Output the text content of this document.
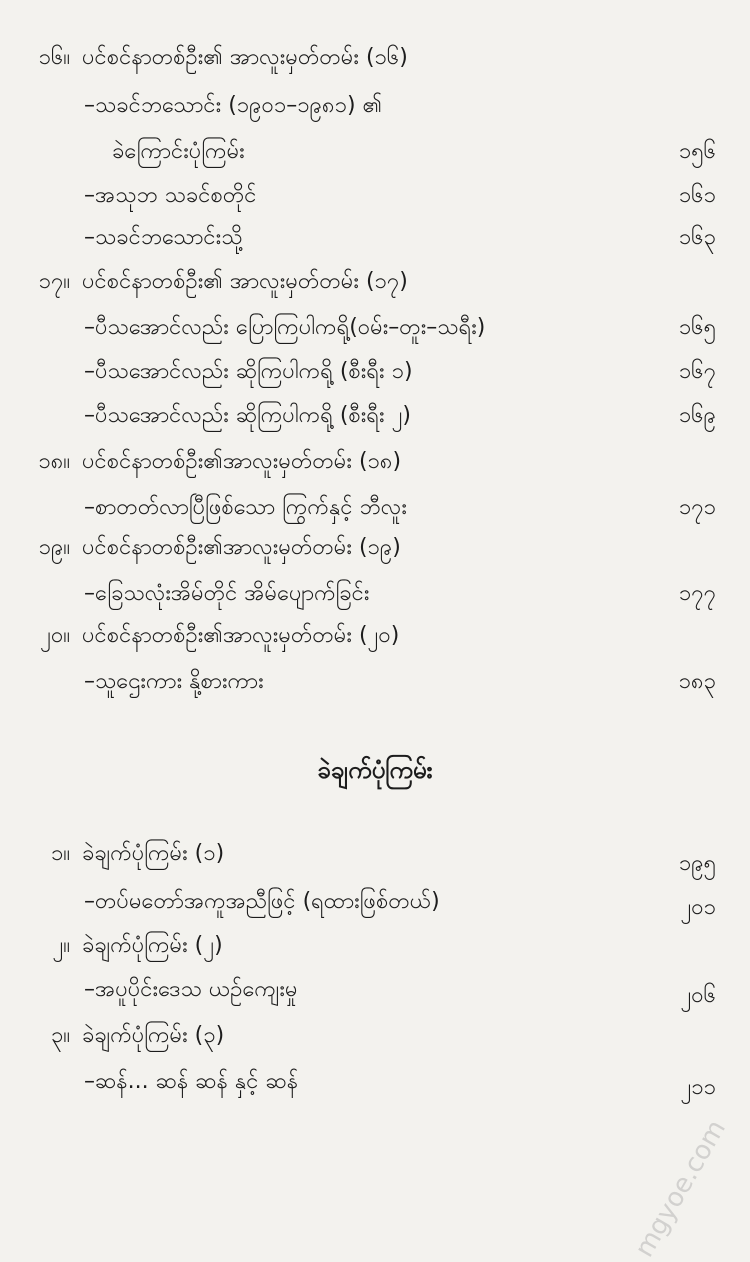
၁၆။ ပင်စင်နာတစ်ဦး၏ အာလူးမှတ်တမ်း (၁၆)
–သခင်ဘသောင်း (၁၉၀၁–၁၉၈၁) ၏
ခဲကြောင်းပုံကြမ်း	၁၅၆
–အသုဘ သခင်စတိုင်	၁၆၁
–သခင်ဘသောင်းသို့	၁၆၃
၁၇။ ပင်စင်နာတစ်ဦး၏ အာလူးမှတ်တမ်း (၁၇)
–ပီသအောင်လည်း ပြောကြပါကရို့(ဝမ်း–တူး–သရီး)	၁၆၅
–ပီသအောင်လည်း ဆိုကြပါကရို့ (စီးရီး ၁)	၁၆၇
–ပီသအောင်လည်း ဆိုကြပါကရို့ (စီးရီး ၂)	၁၆၉
၁၈။ ပင်စင်နာတစ်ဦး၏အာလူးမှတ်တမ်း (၁၈)
–စာတတ်လာပြီဖြစ်သော ကြွက်နှင့် ဘီလူး	၁၇၁
၁၉။ ပင်စင်နာတစ်ဦး၏အာလူးမှတ်တမ်း (၁၉)
–ခြေသလုံးအိမ်တိုင် အိမ်ပျောက်ခြင်း	၁၇၇
၂၀။ ပင်စင်နာတစ်ဦး၏အာလူးမှတ်တမ်း (၂၀)
–သူဌေးကား နို့စားကား	၁၈၃
ခဲချက်ပုံကြမ်း
၁။ ခဲချက်ပုံကြမ်း (၁)	၁၉၅
–တပ်မတော်အကူအညီဖြင့် (ရထားဖြစ်တယ်)	၂၀၁
၂။ ခဲချက်ပုံကြမ်း (၂)
–အပူပိုင်းဒေသ ယဉ်ကျေးမှု	၂၀၆
၃။ ခဲချက်ပုံကြမ်း (၃)
–ဆန်... ဆန် ဆန် နှင့် ဆန်	၂၁၁
mgyoe.com
